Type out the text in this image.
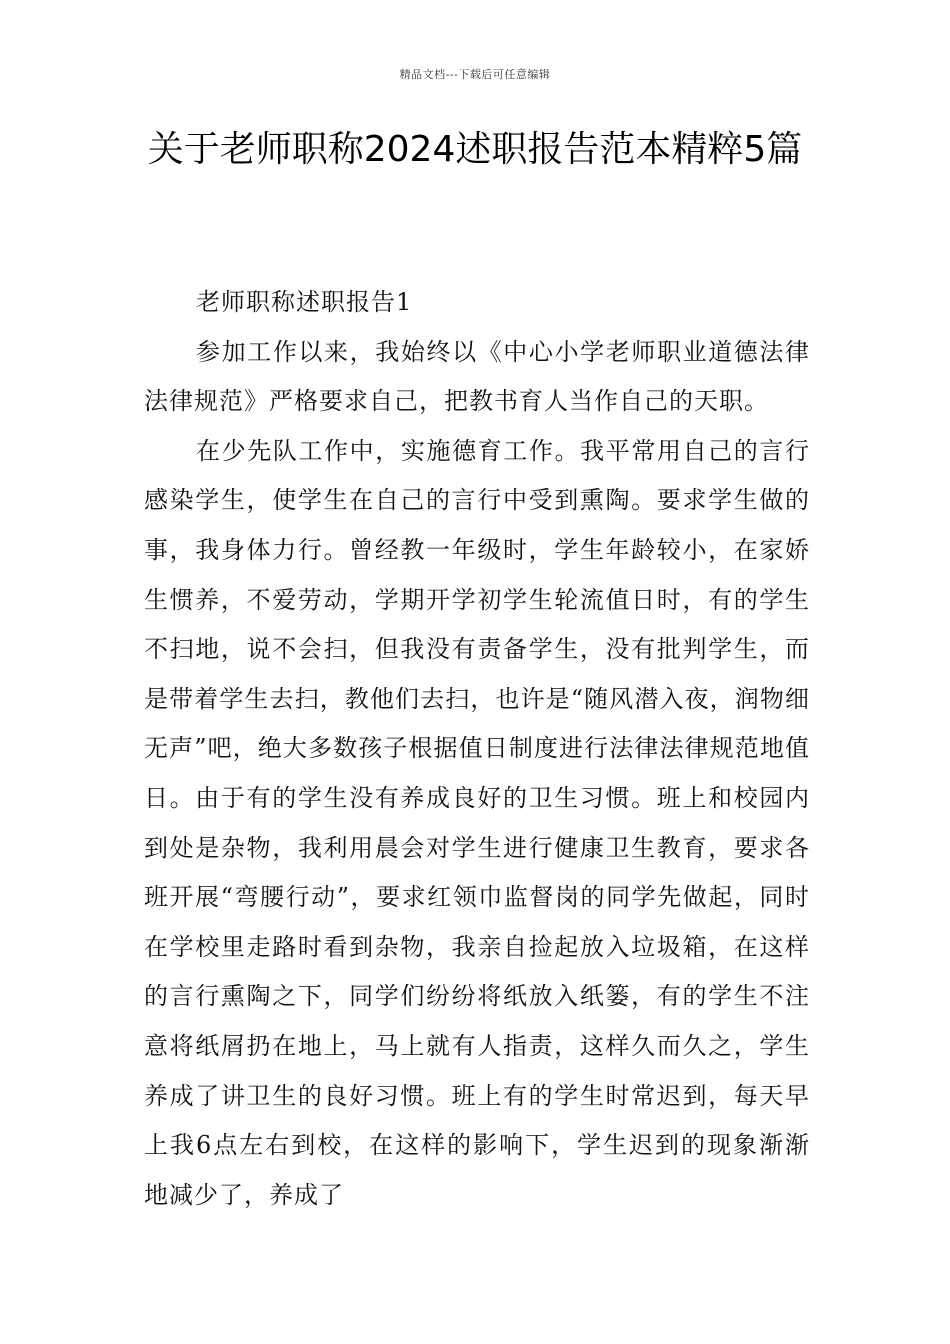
精品文档---下载后可任意编辑
关于老师职称2024述职报告范本精粹5篇

老师职称述职报告1

参加工作以来，我始终以《中心小学老师职业道德法律法律规范》严格要求自己，把教书育人当作自己的天职。

在少先队工作中，实施德育工作。我平常用自己的言行感染学生，使学生在自己的言行中受到熏陶。要求学生做的事，我身体力行。曾经教一年级时，学生年龄较小，在家娇生惯养，不爱劳动，学期开学初学生轮流值日时，有的学生不扫地，说不会扫，但我没有责备学生，没有批判学生，而是带着学生去扫，教他们去扫，也许是“随风潜入夜，润物细无声”吧，绝大多数孩子根据值日制度进行法律法律规范地值日。由于有的学生没有养成良好的卫生习惯。班上和校园内到处是杂物，我利用晨会对学生进行健康卫生教育，要求各班开展“弯腰行动”，要求红领巾监督岗的同学先做起，同时在学校里走路时看到杂物，我亲自捡起放入垃圾箱，在这样的言行熏陶之下，同学们纷纷将纸放入纸篓，有的学生不注意将纸屑扔在地上，马上就有人指责，这样久而久之，学生养成了讲卫生的良好习惯。班上有的学生时常迟到，每天早上我6点左右到校，在这样的影响下，学生迟到的现象渐渐地减少了，养成了
